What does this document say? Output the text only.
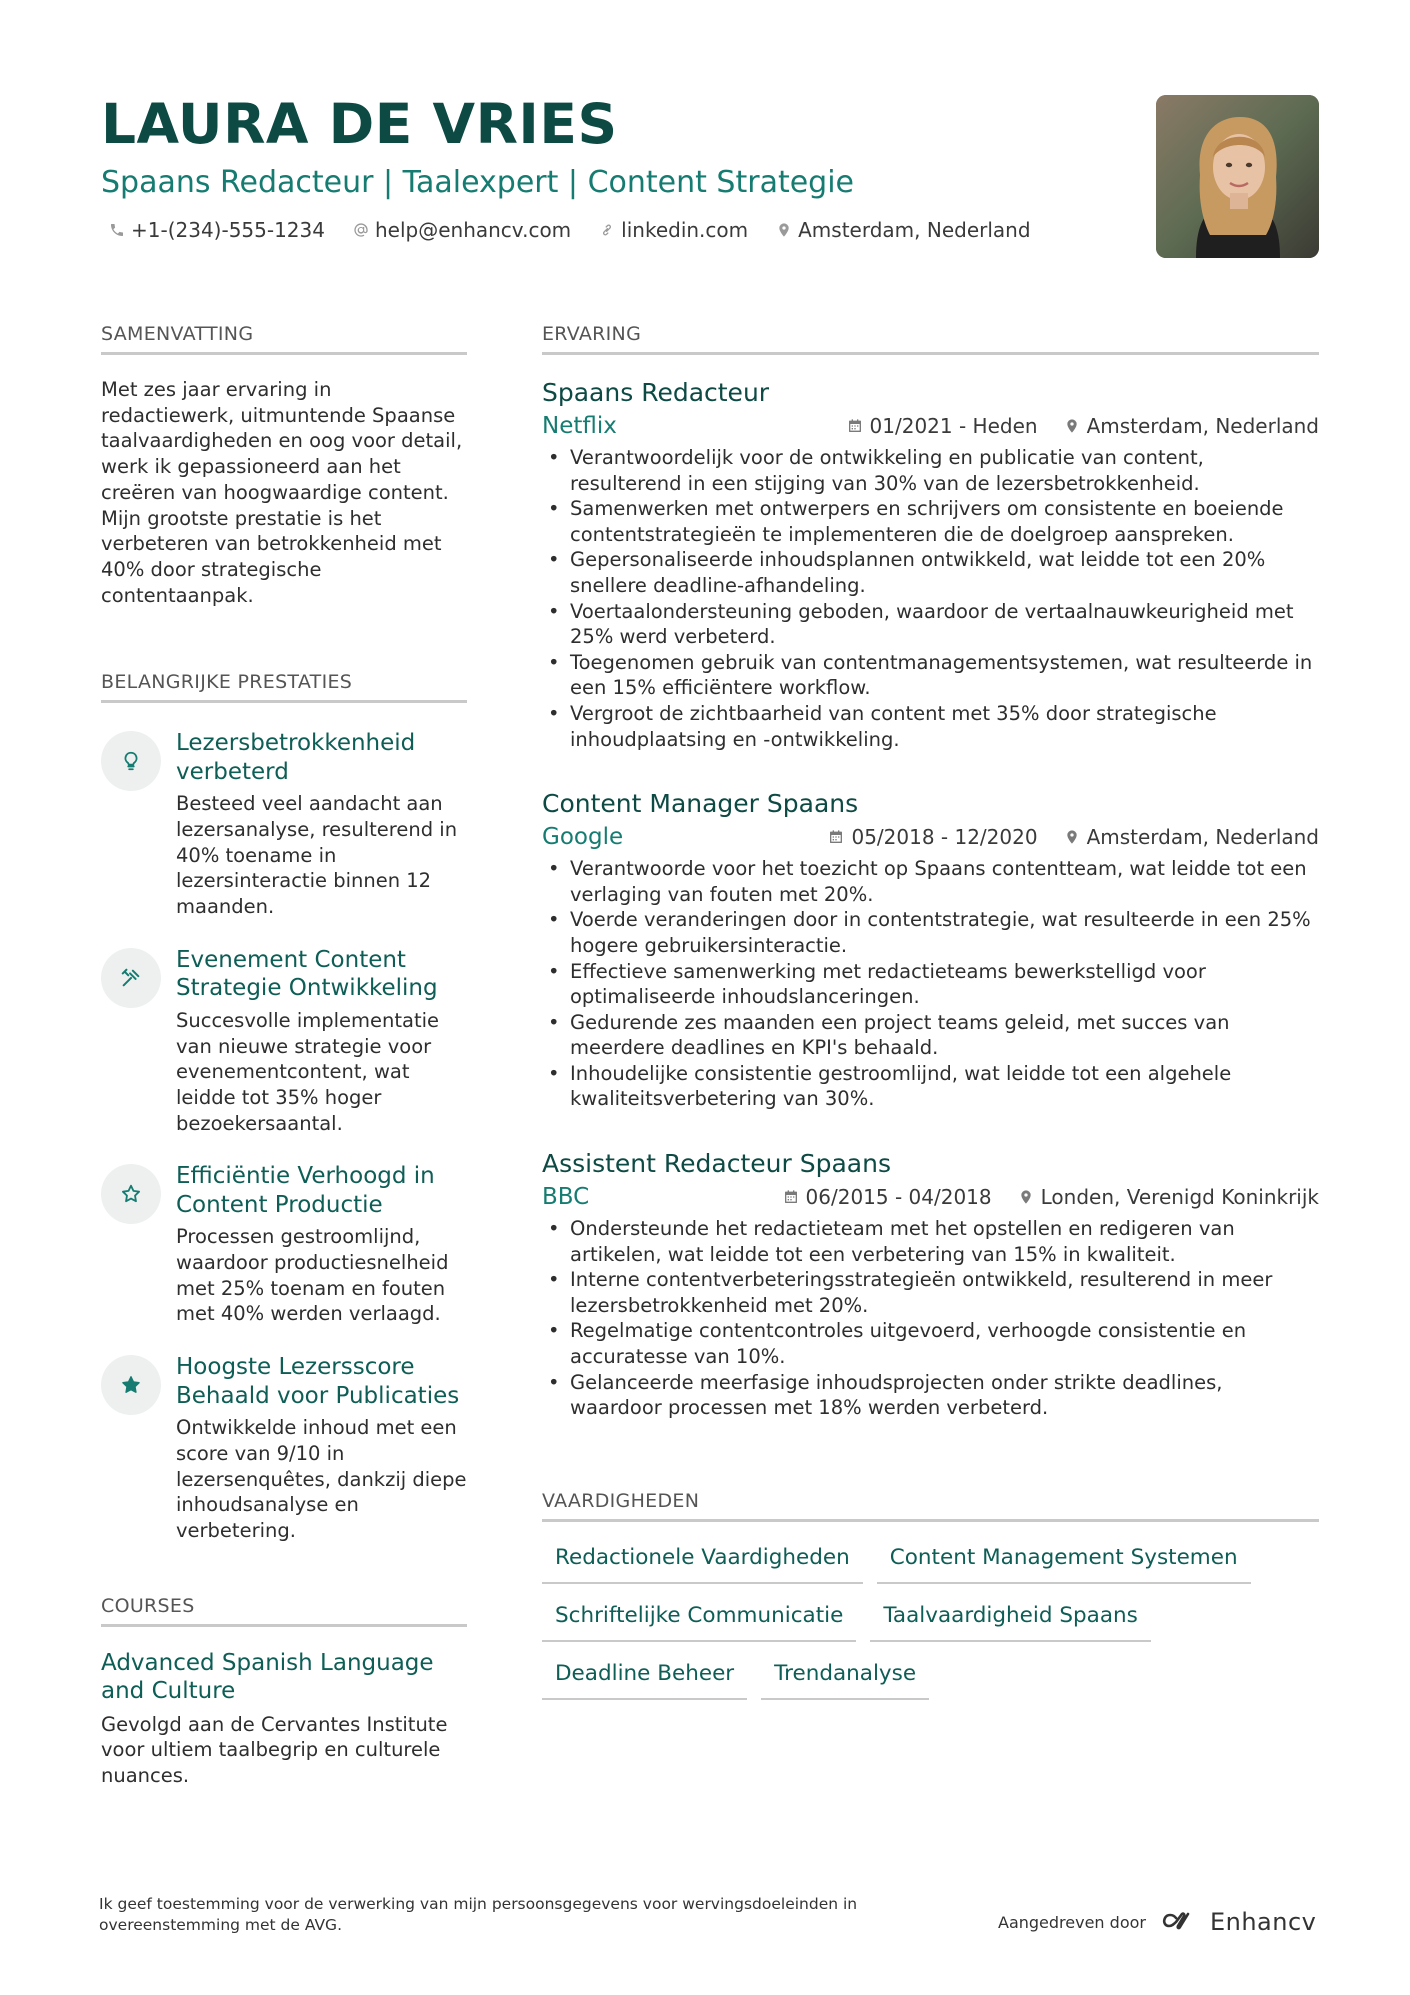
LAURA DE VRIES
Spaans Redacteur | Taalexpert | Content Strategie
+1-(234)-555-1234	help@enhancv.com	linkedin.com	Amsterdam, Nederland
SAMENVATTING
Met zes jaar ervaring in redactiewerk, uitmuntende Spaanse taalvaardigheden en oog voor detail, werk ik gepassioneerd aan het creëren van hoogwaardige content. Mijn grootste prestatie is het verbeteren van betrokkenheid met 40% door strategische contentaanpak.
BELANGRIJKE PRESTATIES
Lezersbetrokkenheid verbeterd
Besteed veel aandacht aan lezersanalyse, resulterend in 40% toename in lezersinteractie binnen 12 maanden.
Evenement Content Strategie Ontwikkeling
Succesvolle implementatie van nieuwe strategie voor evenementcontent, wat leidde tot 35% hoger bezoekersaantal.
Efficiëntie Verhoogd in Content Productie
Processen gestroomlijnd, waardoor productiesnelheid met 25% toenam en fouten met 40% werden verlaagd.
Hoogste Lezersscore Behaald voor Publicaties
Ontwikkelde inhoud met een score van 9/10 in lezersenquêtes, dankzij diepe inhoudsanalyse en verbetering.
COURSES
Advanced Spanish Language and Culture
Gevolgd aan de Cervantes Institute voor ultiem taalbegrip en culturele nuances.
ERVARING
Spaans Redacteur
Netflix	01/2021 - Heden Amsterdam, Nederland
• Verantwoordelijk voor de ontwikkeling en publicatie van content, resulterend in een stijging van 30% van de lezersbetrokkenheid.
• Samenwerken met ontwerpers en schrijvers om consistente en boeiende contentstrategieën te implementeren die de doelgroep aanspreken.
• Gepersonaliseerde inhoudsplannen ontwikkeld, wat leidde tot een 20% snellere deadline-afhandeling.
• Voertaalondersteuning geboden, waardoor de vertaalnauwkeurigheid met 25% werd verbeterd.
• Toegenomen gebruik van contentmanagementsystemen, wat resulteerde in een 15% efficiëntere workflow.
• Vergroot de zichtbaarheid van content met 35% door strategische inhoudplaatsing en -ontwikkeling.
Content Manager Spaans
Google	05/2018 - 12/2020 Amsterdam, Nederland
• Verantwoorde voor het toezicht op Spaans contentteam, wat leidde tot een verlaging van fouten met 20%.
• Voerde veranderingen door in contentstrategie, wat resulteerde in een 25% hogere gebruikersinteractie.
• Effectieve samenwerking met redactieteams bewerkstelligd voor optimaliseerde inhoudslanceringen.
• Gedurende zes maanden een project teams geleid, met succes van meerdere deadlines en KPI's behaald.
• Inhoudelijke consistentie gestroomlijnd, wat leidde tot een algehele kwaliteitsverbetering van 30%.
Assistent Redacteur Spaans
BBC	06/2015 - 04/2018 Londen, Verenigd Koninkrijk
• Ondersteunde het redactieteam met het opstellen en redigeren van artikelen, wat leidde tot een verbetering van 15% in kwaliteit.
• Interne contentverbeteringsstrategieën ontwikkeld, resulterend in meer lezersbetrokkenheid met 20%.
• Regelmatige contentcontroles uitgevoerd, verhoogde consistentie en accuratesse van 10%.
• Gelanceerde meerfasige inhoudsprojecten onder strikte deadlines, waardoor processen met 18% werden verbeterd.
VAARDIGHEDEN
Redactionele Vaardigheden	Content Management Systemen
Schriftelijke Communicatie	Taalvaardigheid Spaans
Deadline Beheer	Trendanalyse
Ik geef toestemming voor de verwerking van mijn persoonsgegevens voor wervingsdoeleinden in overeenstemming met de AVG.	Aangedreven door	Enhancv
